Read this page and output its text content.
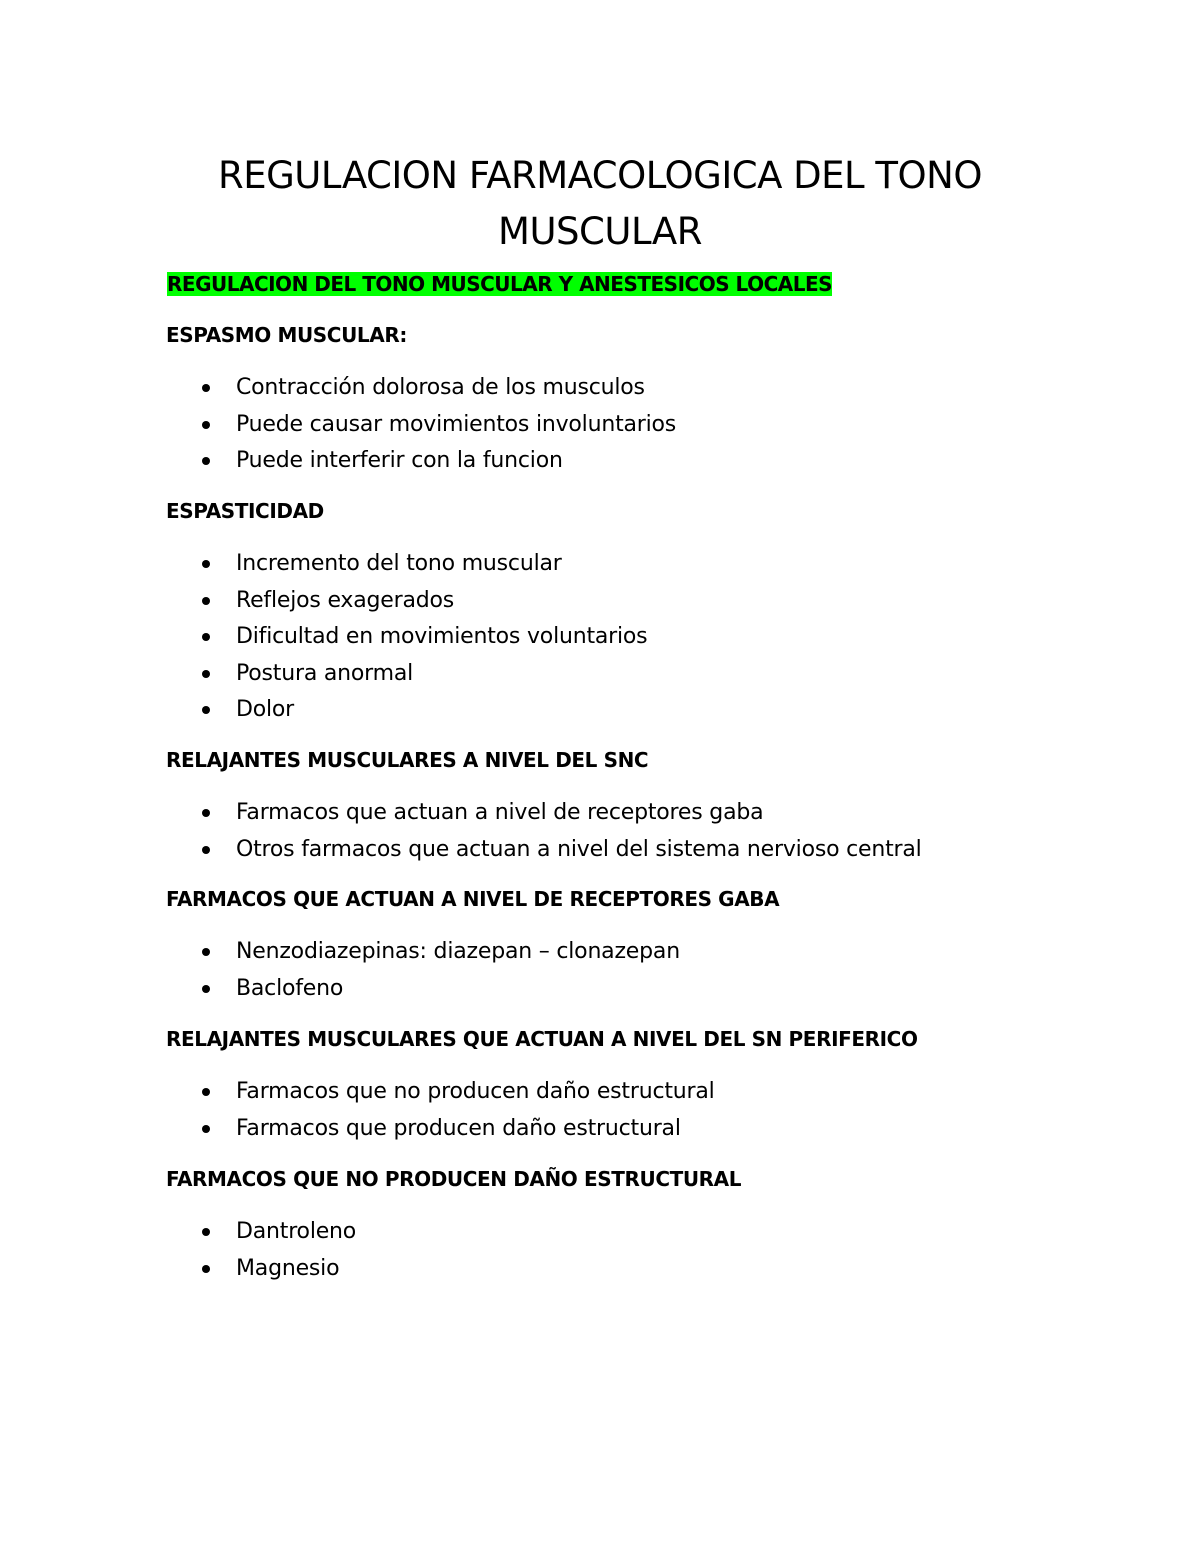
REGULACION FARMACOLOGICA DEL TONO
MUSCULAR
REGULACION DEL TONO MUSCULAR Y ANESTESICOS LOCALES
ESPASMO MUSCULAR:
Contracción dolorosa de los musculos
Puede causar movimientos involuntarios
Puede interferir con la funcion
ESPASTICIDAD
Incremento del tono muscular
Reflejos exagerados
Dificultad en movimientos voluntarios
Postura anormal
Dolor
RELAJANTES MUSCULARES A NIVEL DEL SNC
Farmacos que actuan a nivel de receptores gaba
Otros farmacos que actuan a nivel del sistema nervioso central
FARMACOS QUE ACTUAN A NIVEL DE RECEPTORES GABA
Nenzodiazepinas: diazepan – clonazepan
Baclofeno
RELAJANTES MUSCULARES QUE ACTUAN A NIVEL DEL SN PERIFERICO
Farmacos que no producen daño estructural
Farmacos que producen daño estructural
FARMACOS QUE NO PRODUCEN DAÑO ESTRUCTURAL
Dantroleno
Magnesio
